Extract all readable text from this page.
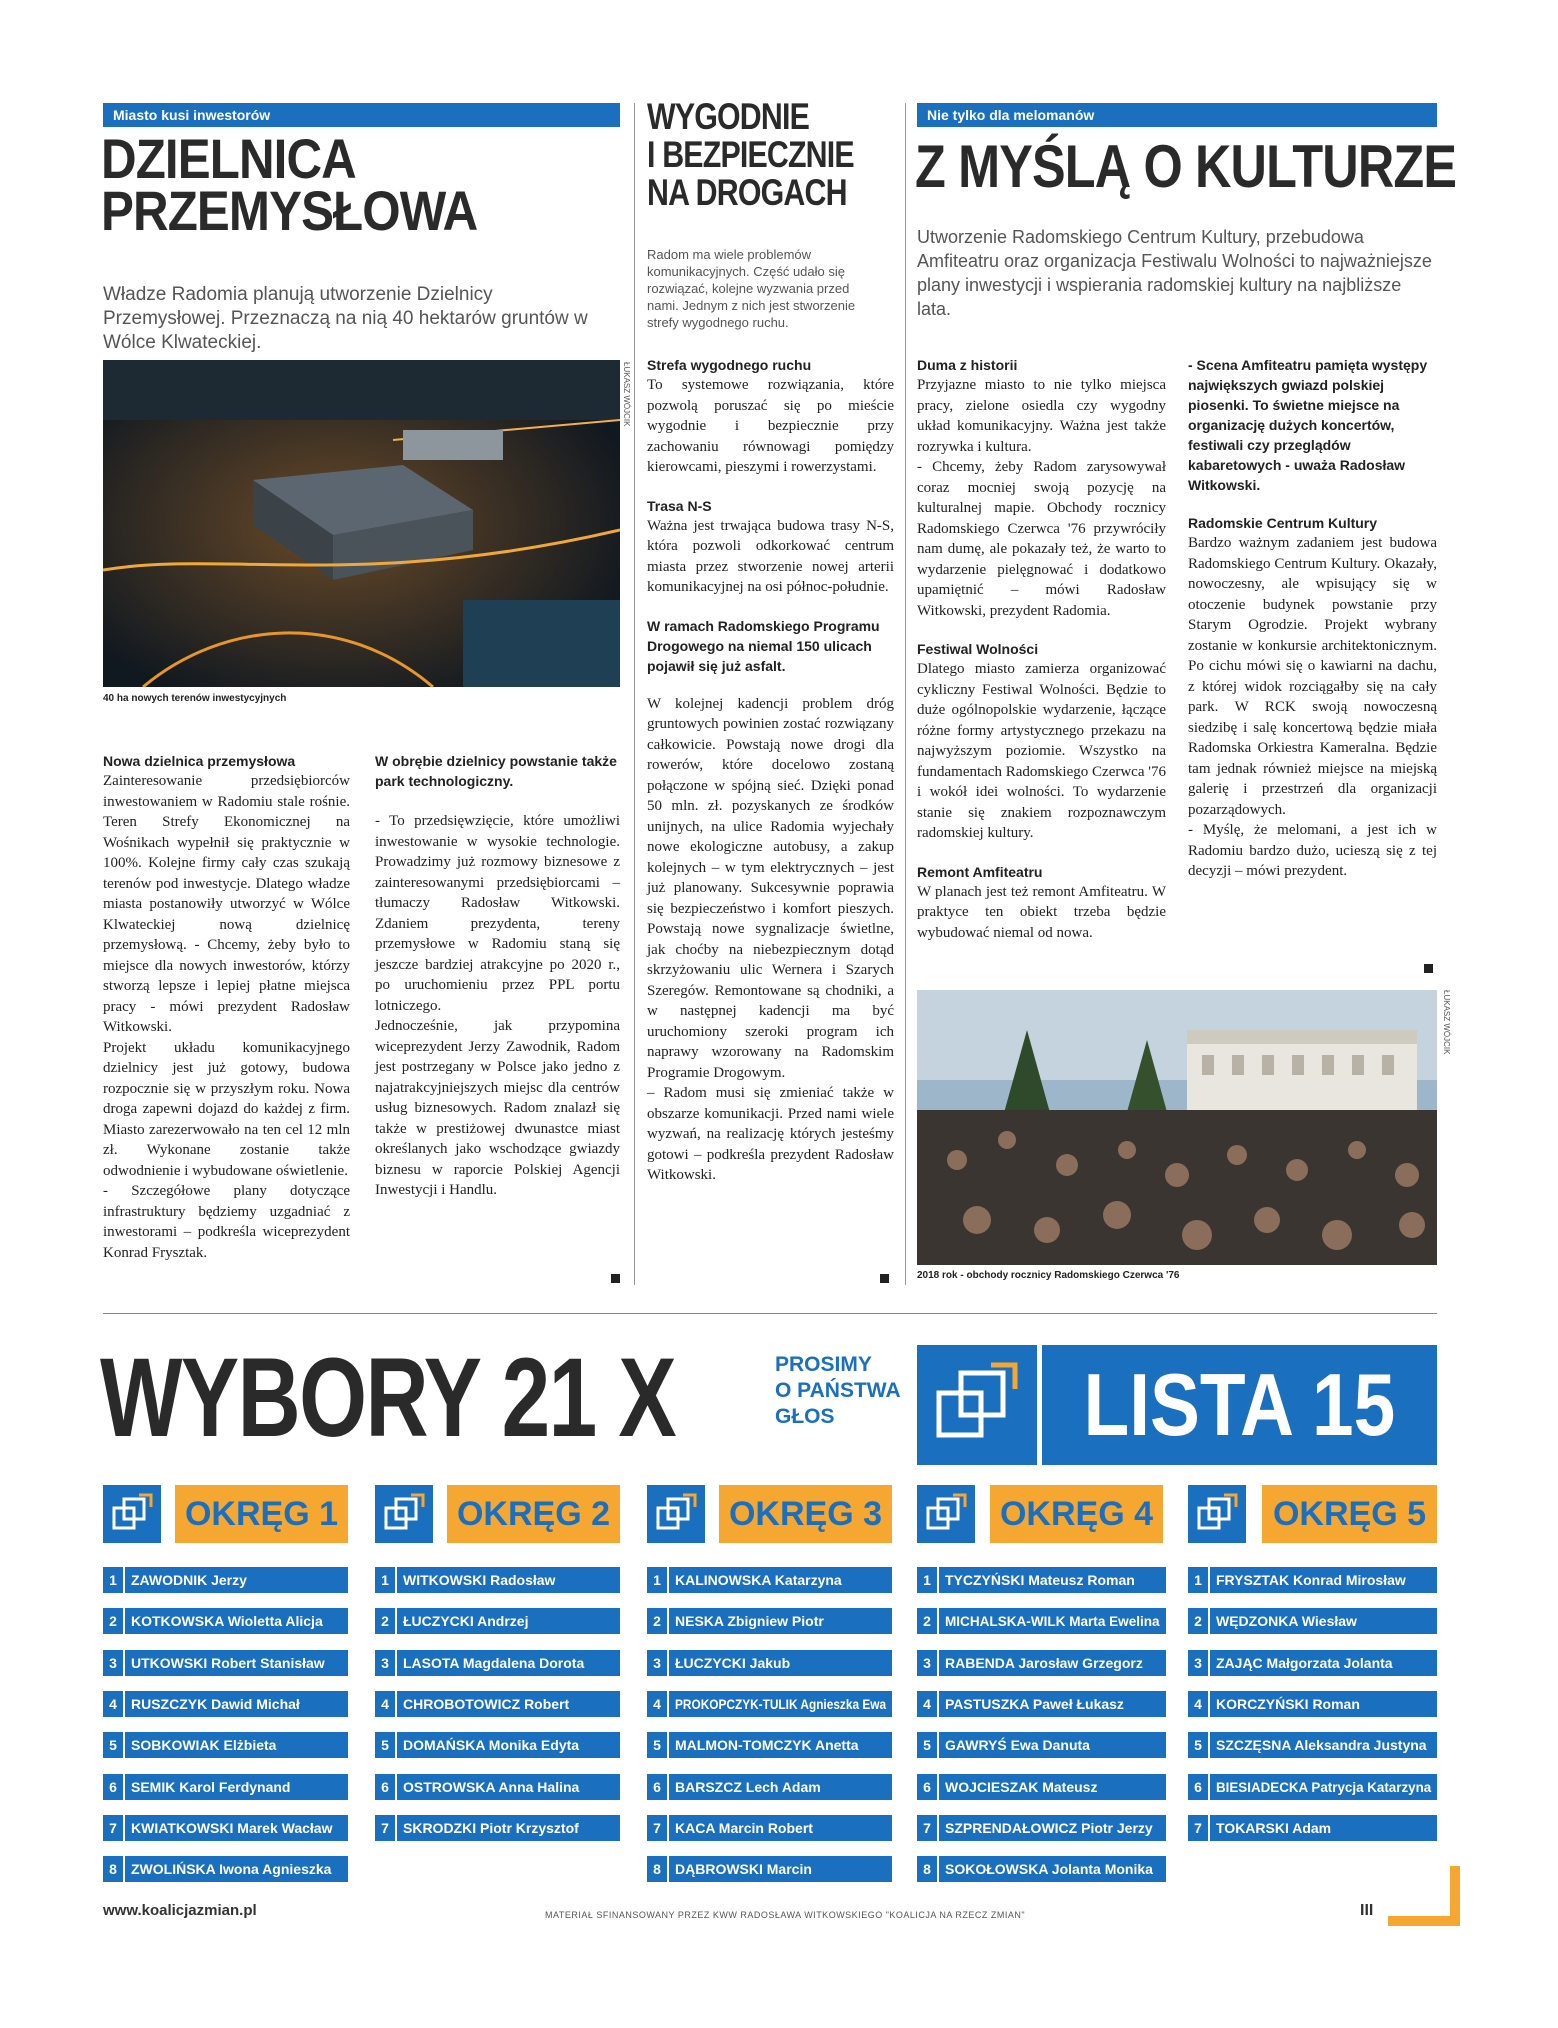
Miasto kusi inwestorów
DZIELNICA
PRZEMYSŁOWA
Władze Radomia planują utworzenie Dzielnicy Przemysłowej. Przeznaczą na nią 40 hektarów gruntów w Wólce Klwateckiej.
ŁUKASZ WÓJCIK
40 ha nowych terenów inwestycyjnych
Nowa dzielnica przemysłowa

Zainteresowanie przedsiębiorców inwestowaniem w Radomiu stale rośnie. Teren Strefy Ekonomicznej na Wośnikach wypełnił się praktycznie w 100%. Kolejne firmy cały czas szukają terenów pod inwestycje. Dlatego władze miasta postanowiły utworzyć w Wólce Klwateckiej nową dzielnicę przemysłową. - Chcemy, żeby było to miejsce dla nowych inwestorów, którzy stworzą lepsze i lepiej płatne miejsca pracy - mówi prezydent Radosław Witkowski.

Projekt układu komunikacyjnego dzielnicy jest już gotowy, budowa rozpocznie się w przyszłym roku. Nowa droga zapewni dojazd do każdej z firm. Miasto zarezerwowało na ten cel 12 mln zł. Wykonane zostanie także odwodnienie i wybudowane oświetlenie.

- Szczegółowe plany dotyczące infrastruktury będziemy uzgadniać z inwestorami – podkreśla wiceprezydent Konrad Frysztak.

W obrębie dzielnicy powstanie także park technologiczny.

- To przedsięwzięcie, które umożliwi inwestowanie w wysokie technologie. Prowadzimy już rozmowy biznesowe z zainteresowanymi przedsiębiorcami – tłumaczy Radosław Witkowski. Zdaniem prezydenta, tereny przemysłowe w Radomiu staną się jeszcze bardziej atrakcyjne po 2020 r., po uruchomieniu przez PPL portu lotniczego.

Jednocześnie, jak przypomina wiceprezydent Jerzy Zawodnik, Radom jest postrzegany w Polsce jako jedno z najatrakcyjniejszych miejsc dla centrów usług biznesowych. Radom znalazł się także w prestiżowej dwunastce miast określanych jako wschodzące gwiazdy biznesu w raporcie Polskiej Agencji Inwestycji i Handlu.

WYGODNIE
I BEZPIECZNIE
NA DROGACH
Radom ma wiele problemów komunikacyjnych. Część udało się rozwiązać, kolejne wyzwania przed nami. Jednym z nich jest stworzenie strefy wygodnego ruchu.
Strefa wygodnego ruchu
To systemowe rozwiązania, które pozwolą poruszać się po mieście wygodnie i bezpiecznie przy zachowaniu równowagi pomiędzy kierowcami, pieszymi i rowerzystami.
Trasa N-S
Ważna jest trwająca budowa trasy N-S, która pozwoli odkorkować centrum miasta przez stworzenie nowej arterii komunikacyjnej na osi północ-południe.
W ramach Radomskiego Programu Drogowego na niemal 150 ulicach pojawił się już asfalt.
W kolejnej kadencji problem dróg gruntowych powinien zostać rozwiązany całkowicie. Powstają nowe drogi dla rowerów, które docelowo zostaną połączone w spójną sieć. Dzięki ponad 50 mln. zł. pozyskanych ze środków unijnych, na ulice Radomia wyjechały nowe ekologiczne autobusy, a zakup kolejnych – w tym elektrycznych – jest już planowany. Sukcesywnie poprawia się bezpieczeństwo i komfort pieszych. Powstają nowe sygnalizacje świetlne, jak choćby na niebezpiecznym dotąd skrzyżowaniu ulic Wernera i Szarych Szeregów. Remontowane są chodniki, a w następnej kadencji ma być uruchomiony szeroki program ich naprawy wzorowany na Radomskim Programie Drogowym.
– Radom musi się zmieniać także w obszarze komunikacji. Przed nami wiele wyzwań, na realizację których jesteśmy gotowi – podkreśla prezydent Radosław Witkowski.
Nie tylko dla melomanów
Z MYŚLĄ O KULTURZE
Utworzenie Radomskiego Centrum Kultury, przebudowa Amfiteatru oraz organizacja Festiwalu Wolności to najważniejsze plany inwestycji i wspierania radomskiej kultury na najbliższe lata.
Duma z historii
Przyjazne miasto to nie tylko miejsca pracy, zielone osiedla czy wygodny układ komunikacyjny. Ważna jest także rozrywka i kultura.
- Chcemy, żeby Radom zarysowywał coraz mocniej swoją pozycję na kulturalnej mapie. Obchody rocznicy Radomskiego Czerwca '76 przywróciły nam dumę, ale pokazały też, że warto to wydarzenie pielęgnować i dodatkowo upamiętnić – mówi Radosław Witkowski, prezydent Radomia.
Festiwal Wolności
Dlatego miasto zamierza organizować cykliczny Festiwal Wolności. Będzie to duże ogólnopolskie wydarzenie, łączące różne formy artystycznego przekazu na najwyższym poziomie. Wszystko na fundamentach Radomskiego Czerwca '76 i wokół idei wolności. To wydarzenie stanie się znakiem rozpoznawczym radomskiej kultury.
Remont Amfiteatru
W planach jest też remont Amfiteatru. W praktyce ten obiekt trzeba będzie wybudować niemal od nowa.
- Scena Amfiteatru pamięta występy największych gwiazd polskiej piosenki. To świetne miejsce na organizację dużych koncertów, festiwali czy przeglądów kabaretowych - uważa Radosław Witkowski.
Radomskie Centrum Kultury
Bardzo ważnym zadaniem jest budowa Radomskiego Centrum Kultury. Okazały, nowoczesny, ale wpisujący się w otoczenie budynek powstanie przy Starym Ogrodzie. Projekt wybrany zostanie w konkursie architektonicznym. Po cichu mówi się o kawiarni na dachu, z której widok rozciągałby się na cały park. W RCK swoją nowoczesną siedzibę i salę koncertową będzie miała Radomska Orkiestra Kameralna. Będzie tam jednak również miejsce na miejską galerię i przestrzeń dla organizacji pozarządowych.
- Myślę, że melomani, a jest ich w Radomiu bardzo dużo, ucieszą się z tej decyzji – mówi prezydent.
ŁUKASZ WÓJCIK
2018 rok - obchody rocznicy Radomskiego Czerwca '76
WYBORY 21 X	PROSIMY
O PAŃSTWA
GŁOS	LISTA 15
OKRĘG 1	OKRĘG 2	OKRĘG 3	OKRĘG 4	OKRĘG 5
1 ZAWODNIK Jerzy
2 KOTKOWSKA Wioletta Alicja
3 UTKOWSKI Robert Stanisław
4 RUSZCZYK Dawid Michał
5 SOBKOWIAK Elżbieta
6 SEMIK Karol Ferdynand
7 KWIATKOWSKI Marek Wacław
8 ZWOLIŃSKA Iwona Agnieszka
1 WITKOWSKI Radosław
2 ŁUCZYCKI Andrzej
3 LASOTA Magdalena Dorota
4 CHROBOTOWICZ Robert
5 DOMAŃSKA Monika Edyta
6 OSTROWSKA Anna Halina
7 SKRODZKI Piotr Krzysztof
1 KALINOWSKA Katarzyna
2 NESKA Zbigniew Piotr
3 ŁUCZYCKI Jakub
4 PROKOPCZYK-TULIK Agnieszka Ewa
5 MALMON-TOMCZYK Anetta
6 BARSZCZ Lech Adam
7 KACA Marcin Robert
8 DĄBROWSKI Marcin
1 TYCZYŃSKI Mateusz Roman
2 MICHALSKA-WILK Marta Ewelina
3 RABENDA Jarosław Grzegorz
4 PASTUSZKA Paweł Łukasz
5 GAWRYŚ Ewa Danuta
6 WOJCIESZAK Mateusz
7 SZPRENDAŁOWICZ Piotr Jerzy
8 SOKOŁOWSKA Jolanta Monika
1 FRYSZTAK Konrad Mirosław
2 WĘDZONKA Wiesław
3 ZAJĄC Małgorzata Jolanta
4 KORCZYŃSKI Roman
5 SZCZĘSNA Aleksandra Justyna
6 BIESIADECKA Patrycja Katarzyna
7 TOKARSKI Adam
www.koalicjazmian.pl	MATERIAŁ SFINANSOWANY PRZEZ KWW RADOSŁAWA WITKOWSKIEGO "KOALICJA NA RZECZ ZMIAN"	III
